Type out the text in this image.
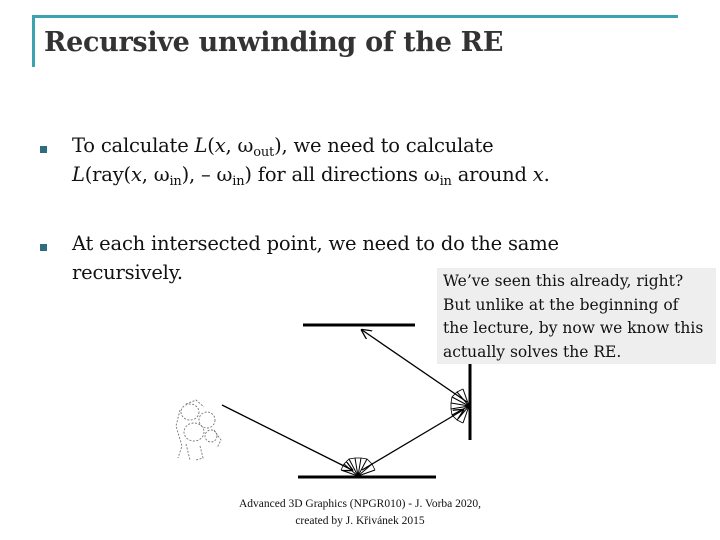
Recursive unwinding of the RE
To calculate L(x, $\omega_{out}$), we need to calculate
L(ray(x, $\omega_{in}$), – $\omega_{in}$) for all directions $\omega_{in}$ around x.
At each intersected point, we need to do the same
recursively.	We’ve seen this already, right?
But unlike at the beginning of
the lecture, by now we know this
actually solves the RE.
Advanced 3D Graphics (NPGR010) - J. Vorba 2020,
created by J. Křivánek 2015
